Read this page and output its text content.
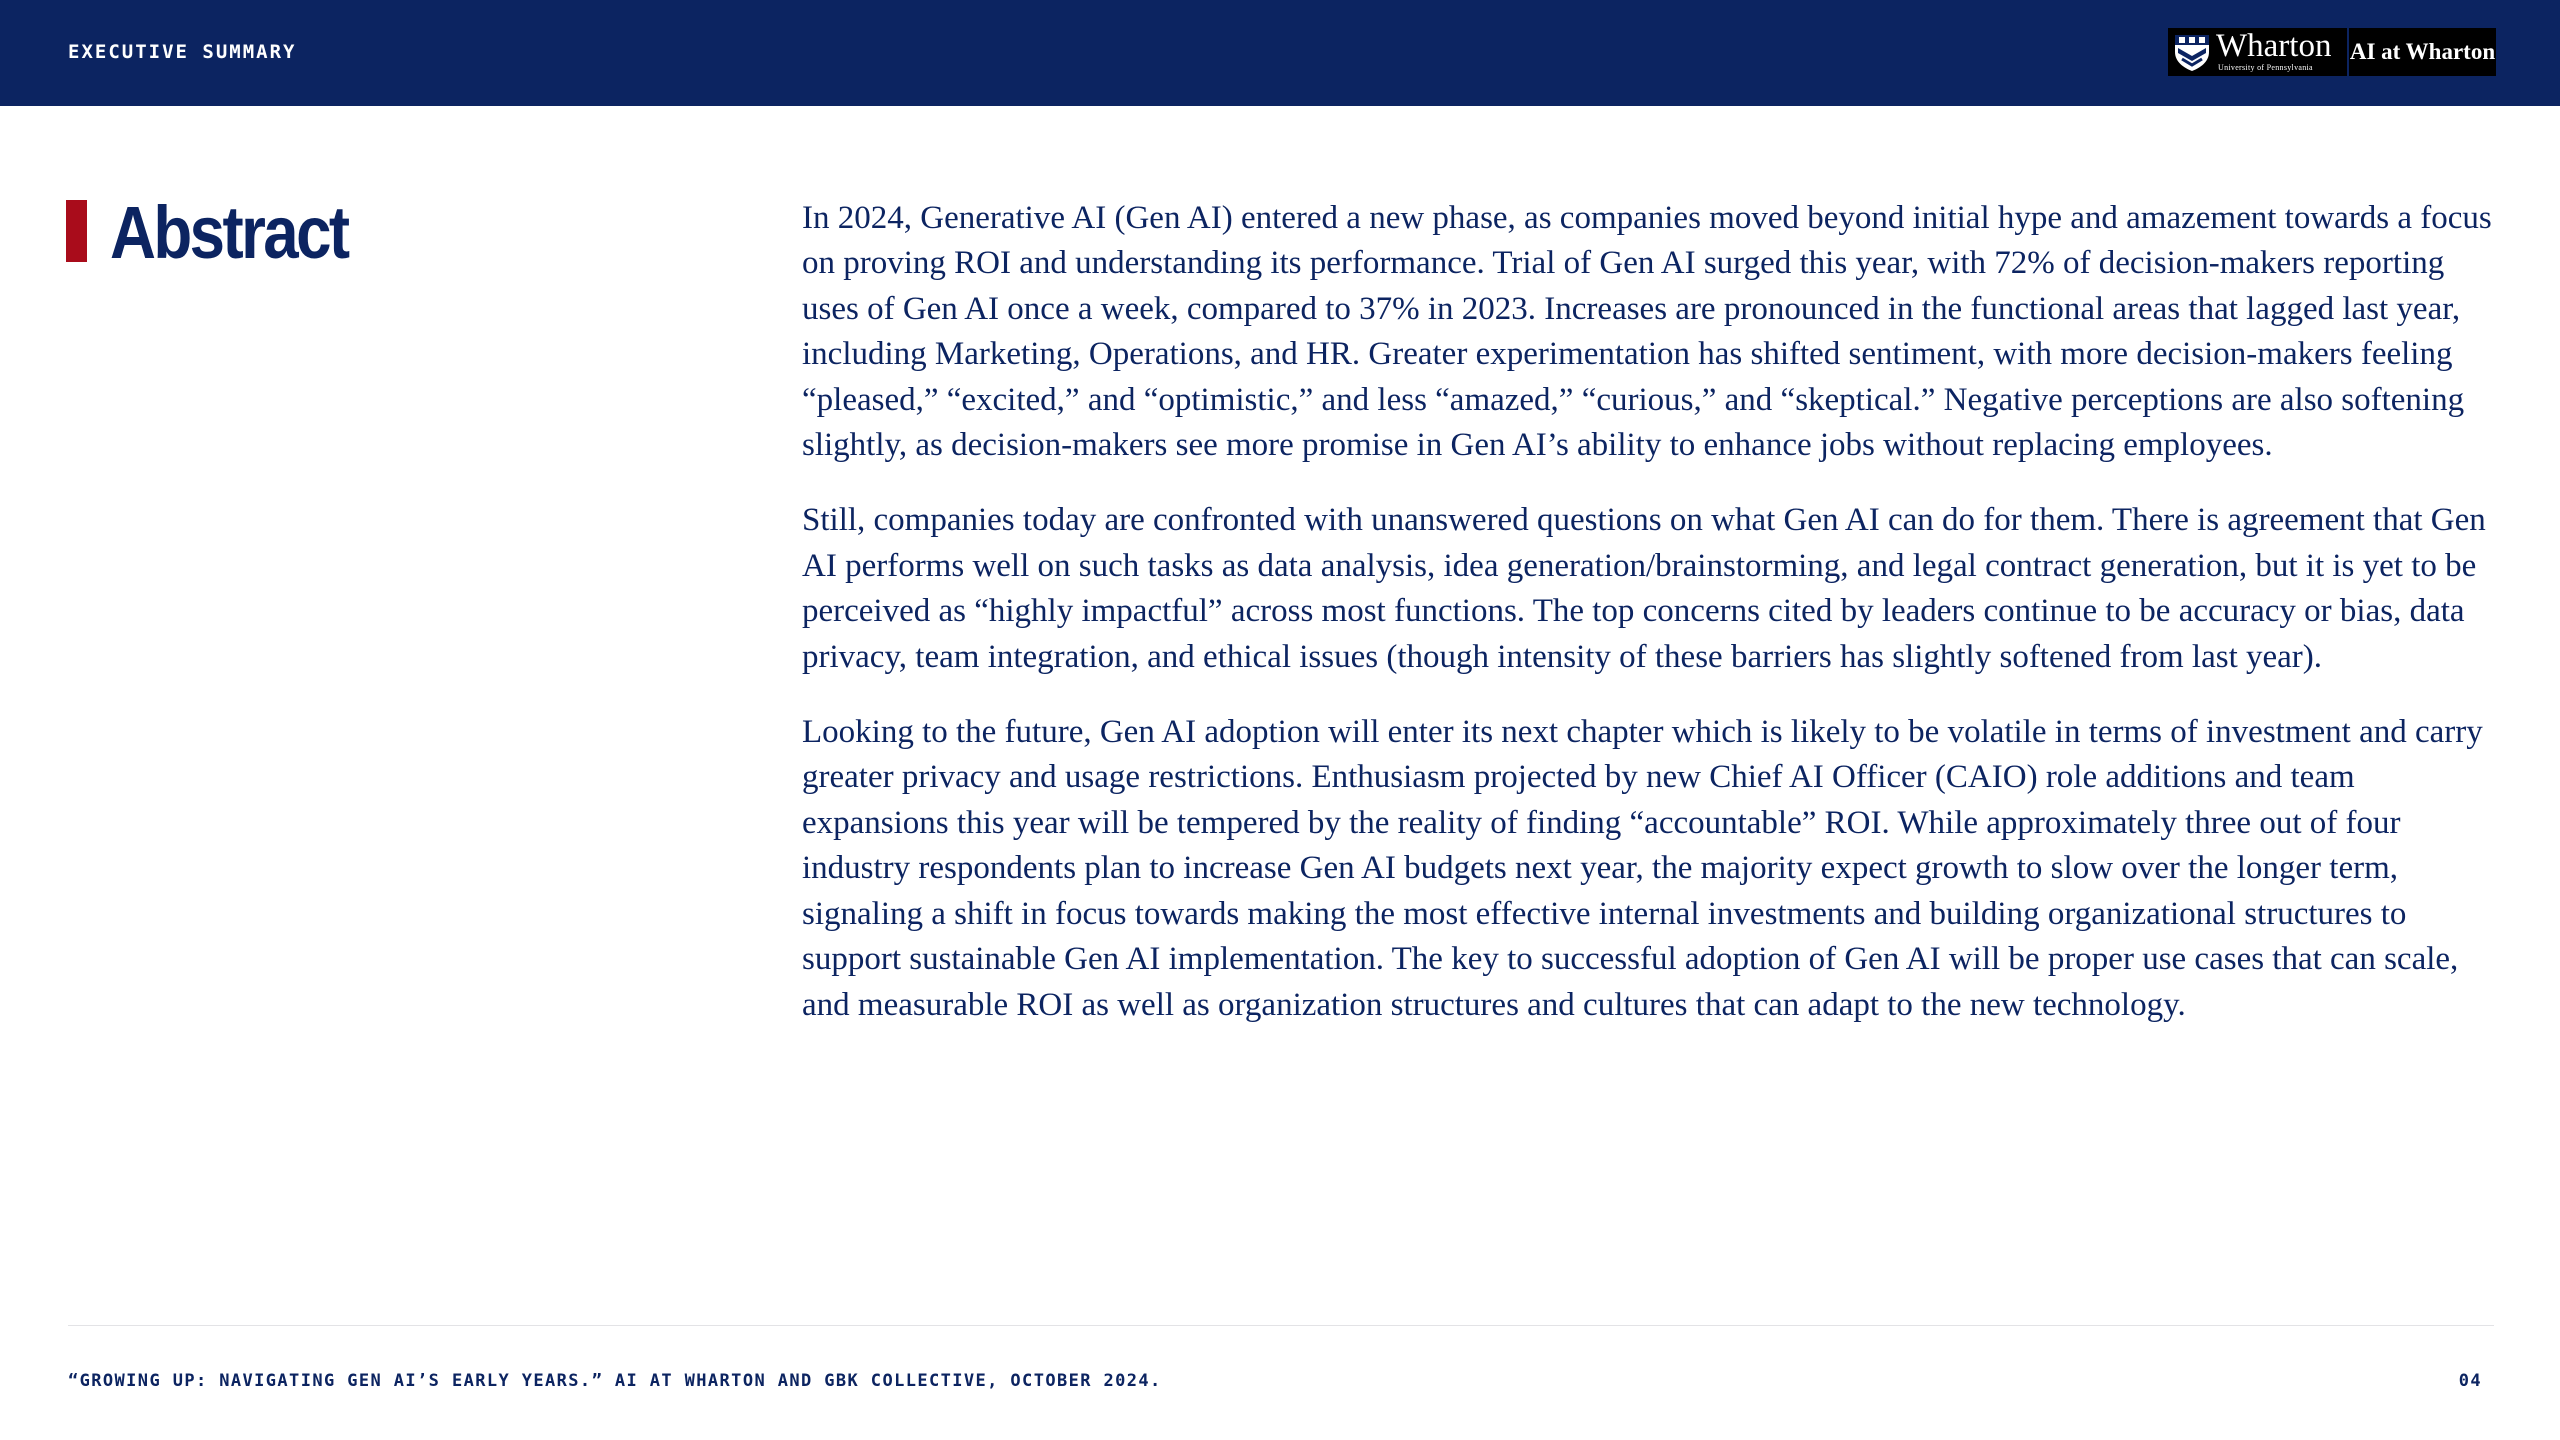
EXECUTIVE SUMMARY	Wharton
University of Pennsylvania
AI at Wharton
Abstract	In 2024, Generative AI (Gen AI) entered a new phase, as companies moved beyond initial hype and amazement towards a focus on proving ROI and understanding its performance. Trial of Gen AI surged this year, with 72% of decision-makers reporting uses of Gen AI once a week, compared to 37% in 2023. Increases are pronounced in the functional areas that lagged last year, including Marketing, Operations, and HR. Greater experimentation has shifted sentiment, with more decision-makers feeling “pleased,” “excited,” and “optimistic,” and less “amazed,” “curious,” and “skeptical.” Negative perceptions are also softening slightly, as decision-makers see more promise in Gen AI’s ability to enhance jobs without replacing employees.

Still, companies today are confronted with unanswered questions on what Gen AI can do for them. There is agreement that Gen AI performs well on such tasks as data analysis, idea generation/brainstorming, and legal contract generation, but it is yet to be perceived as “highly impactful” across most functions. The top concerns cited by leaders continue to be accuracy or bias, data privacy, team integration, and ethical issues (though intensity of these barriers has slightly softened from last year).

Looking to the future, Gen AI adoption will enter its next chapter which is likely to be volatile in terms of investment and carry greater privacy and usage restrictions. Enthusiasm projected by new Chief AI Officer (CAIO) role additions and team expansions this year will be tempered by the reality of finding “accountable” ROI. While approximately three out of four industry respondents plan to increase Gen AI budgets next year, the majority expect growth to slow over the longer term, signaling a shift in focus towards making the most effective internal investments and building organizational structures to support sustainable Gen AI implementation. The key to successful adoption of Gen AI will be proper use cases that can scale, and measurable ROI as well as organization structures and cultures that can adapt to the new technology.

“GROWING UP: NAVIGATING GEN AI’S EARLY YEARS.” AI AT WHARTON AND GBK COLLECTIVE, OCTOBER 2024.	04
